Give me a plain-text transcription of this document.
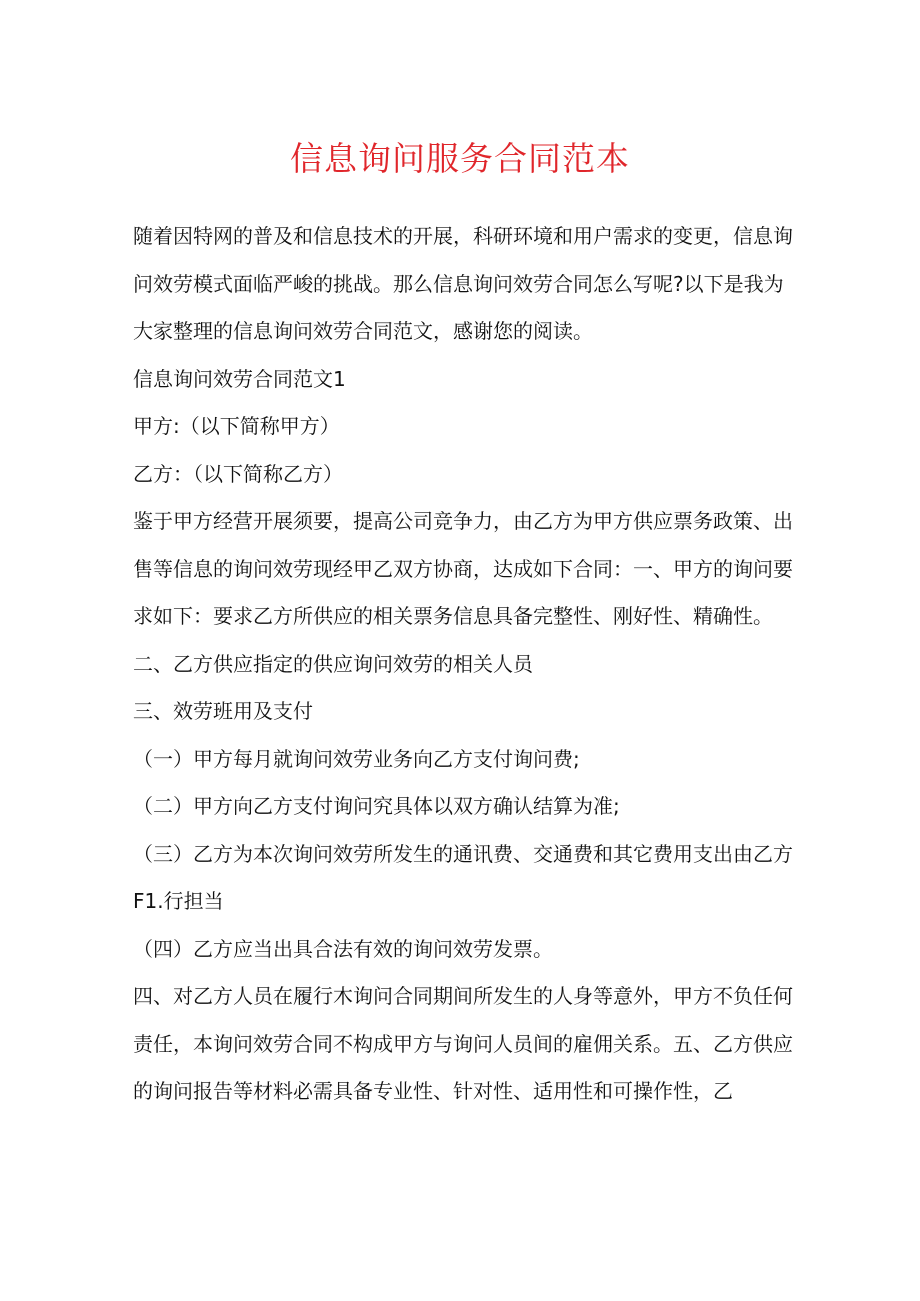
信息询问服务合同范本

随着因特网的普及和信息技术的开展，科研环境和用户需求的变更，信息询问效劳模式面临严峻的挑战。那么信息询问效劳合同怎么写呢?以下是我为大家整理的信息询问效劳合同范文，感谢您的阅读。

信息询问效劳合同范文1

甲方:（以下简称甲方）

乙方：（以下简称乙方）

鉴于甲方经营开展须要，提高公司竞争力，由乙方为甲方供应票务政策、出售等信息的询问效劳现经甲乙双方协商，达成如下合同：一、甲方的询问要求如下：要求乙方所供应的相关票务信息具备完整性、刚好性、精确性。

二、乙方供应指定的供应询问效劳的相关人员

三、效劳班用及支付

（一）甲方每月就询问效劳业务向乙方支付询问费;

（二）甲方向乙方支付询问究具体以双方确认结算为准;

（三）乙方为本次询问效劳所发生的通讯费、交通费和其它费用支出由乙方F1.行担当

（四）乙方应当出具合法有效的询问效劳发票。

四、对乙方人员在履行木询问合同期间所发生的人身等意外，甲方不负任何责任，本询问效劳合同不构成甲方与询问人员间的雇佣关系。五、乙方供应的询问报告等材料必需具备专业性、针对性、适用性和可操作性，乙
